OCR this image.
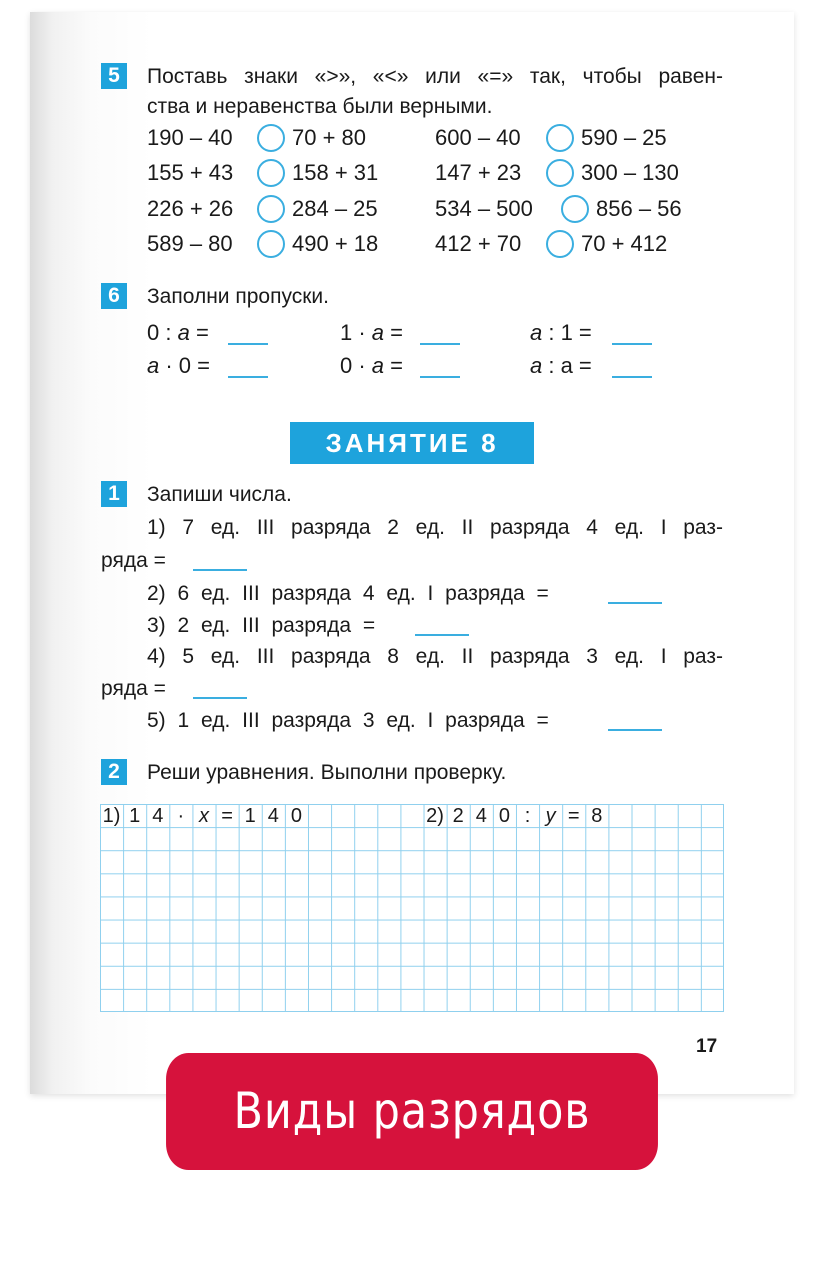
5	Поставь знаки «>», «<» или «=» так, чтобы равен-
ства и неравенства были верными.
190 – 40	70 + 80	600 – 40	590 – 25
155 + 43	158 + 31	147 + 23	300 – 130
226 + 26	284 – 25	534 – 500	856 – 56
589 – 80	490 + 18	412 + 70	70 + 412
6	Заполни пропуски.
0 : a =	1 · a =	a : 1 =
a · 0 =	0 · a =	a : a =
ЗАНЯТИЕ 8
1	Запиши числа.
1) 7 ед. III разряда 2 ед. II разряда 4 ед. I раз-
ряда =
2) 6 ед. III разряда 4 ед. I разряда =
3) 2 ед. III разряда =
4) 5 ед. III разряда 8 ед. II разряда 3 ед. I раз-
ряда =
5) 1 ед. III разряда 3 ед. I разряда =
2	Реши уравнения. Выполни проверку.
1) 1 4 · x = 1 4 0	2) 2 4 0 : y = 8
17
Виды разрядов чисел
